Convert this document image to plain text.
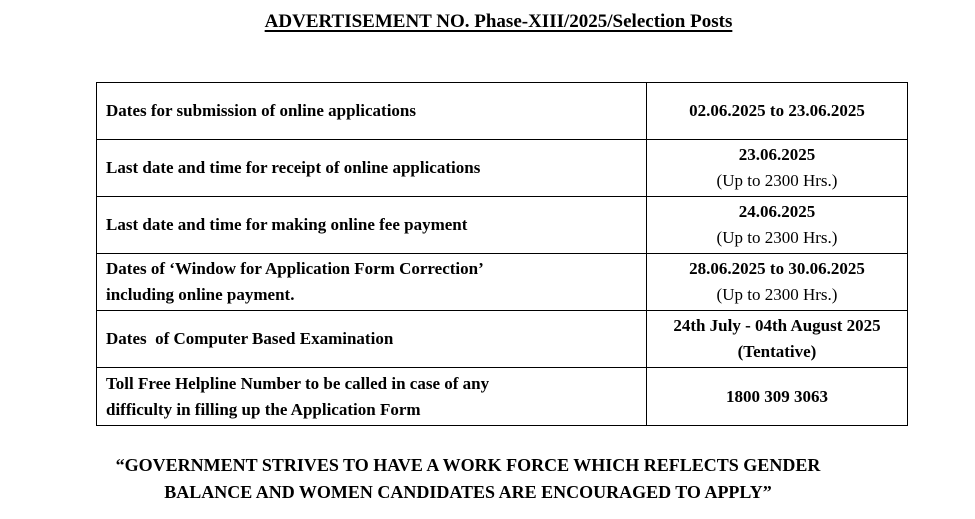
ADVERTISEMENT NO. Phase-XIII/2025/Selection Posts
Dates for submission of online applications	02.06.2025 to 23.06.2025
Last date and time for receipt of online applications	23.06.2025
(Up to 2300 Hrs.)

Last date and time for making online fee payment	24.06.2025
(Up to 2300 Hrs.)

Dates of ‘Window for Application Form Correction’
including online payment.	28.06.2025 to 30.06.2025
(Up to 2300 Hrs.)

Dates  of Computer Based Examination	24th July - 04th August 2025
(Tentative)

Toll Free Helpline Number to be called in case of any
difficulty in filling up the Application Form	1800 309 3063
“GOVERNMENT STRIVES TO HAVE A WORK FORCE WHICH REFLECTS GENDER
BALANCE AND WOMEN CANDIDATES ARE ENCOURAGED TO APPLY”
